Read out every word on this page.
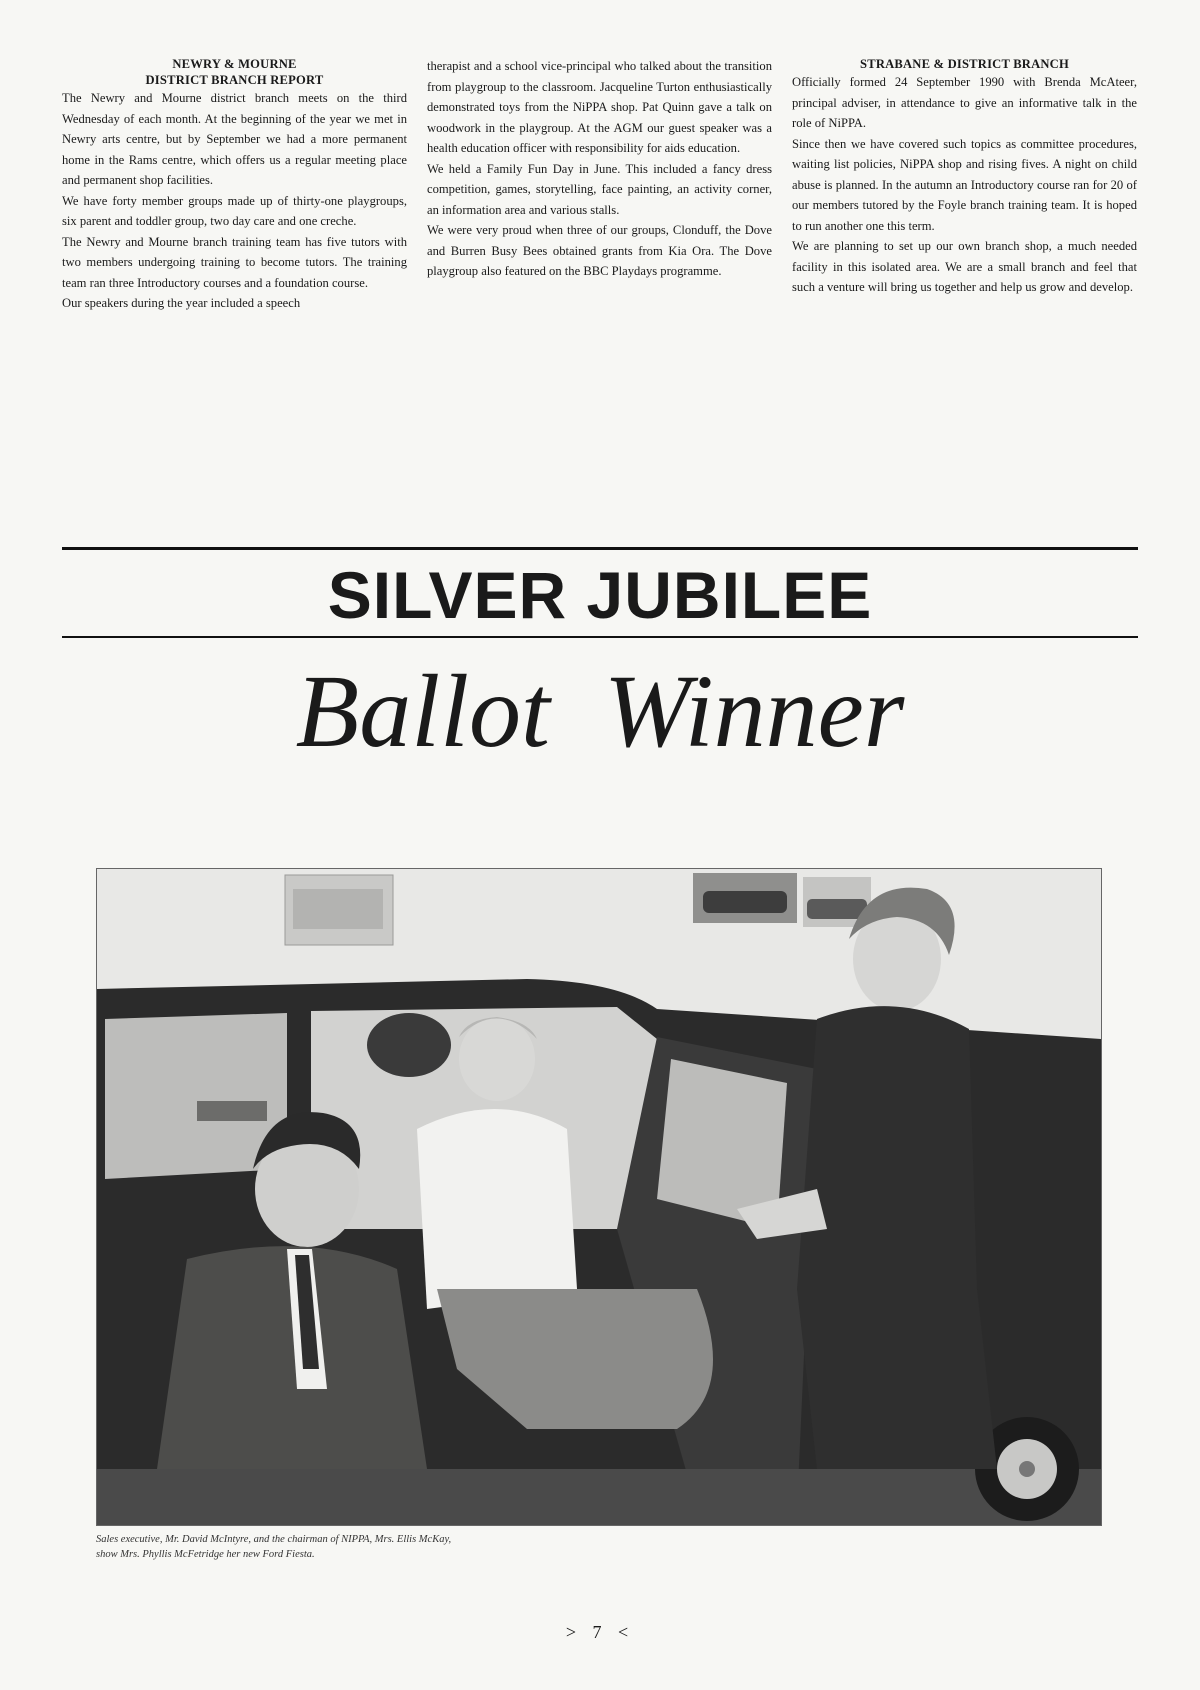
NEWRY & MOURNE
DISTRICT BRANCH REPORT

The Newry and Mourne district branch meets on the third Wednesday of each month. At the beginning of the year we met in Newry arts centre, but by September we had a more permanent home in the Rams centre, which offers us a regular meeting place and permanent shop facilities.

We have forty member groups made up of thirty-one playgroups, six parent and toddler group, two day care and one creche.

The Newry and Mourne branch training team has five tutors with two members undergoing training to become tutors. The training team ran three Introductory courses and a foundation course.

Our speakers during the year included a speech

therapist and a school vice-principal who talked about the transition from playgroup to the classroom. Jacqueline Turton enthusiastically demonstrated toys from the NiPPA shop. Pat Quinn gave a talk on woodwork in the playgroup. At the AGM our guest speaker was a health education officer with responsibility for aids education.

We held a Family Fun Day in June. This included a fancy dress competition, games, storytelling, face painting, an activity corner, an information area and various stalls.

We were very proud when three of our groups, Clonduff, the Dove and Burren Busy Bees obtained grants from Kia Ora. The Dove playgroup also featured on the BBC Playdays programme.

STRABANE & DISTRICT BRANCH

Officially formed 24 September 1990 with Brenda McAteer, principal adviser, in attendance to give an informative talk in the role of NiPPA.

Since then we have covered such topics as committee procedures, waiting list policies, NiPPA shop and rising fives. A night on child abuse is planned. In the autumn an Introductory course ran for 20 of our members tutored by the Foyle branch training team. It is hoped to run another one this term.

We are planning to set up our own branch shop, a much needed facility in this isolated area. We are a small branch and feel that such a venture will bring us together and help us grow and develop.

SILVER JUBILEE
Ballot Winner
Sales executive, Mr. David McIntyre, and the chairman of NIPPA, Mrs. Ellis McKay,
show Mrs. Phyllis McFetridge her new Ford Fiesta.
> 7 <
